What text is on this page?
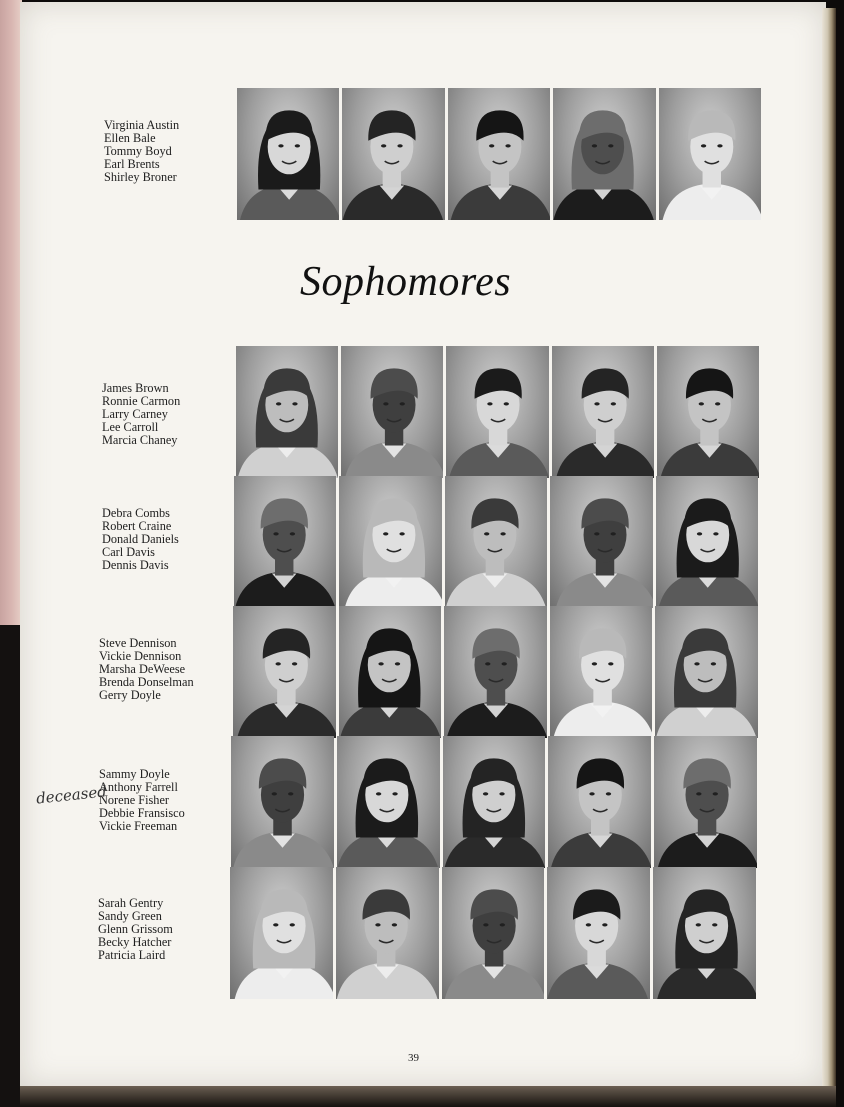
Virginia Austin
Ellen Bale
Tommy Boyd
Earl Brents
Shirley Broner
Sophomores
James Brown
Ronnie Carmon
Larry Carney
Lee Carroll
Marcia Chaney
Debra Combs
Robert Craine
Donald Daniels
Carl Davis
Dennis Davis
Steve Dennison
Vickie Dennison
Marsha DeWeese
Brenda Donselman
Gerry Doyle
Sammy Doyle
Anthony Farrell
Norene Fisher
Debbie Fransisco
Vickie Freeman

deceased

Sarah Gentry
Sandy Green
Glenn Grissom
Becky Hatcher
Patricia Laird

39
